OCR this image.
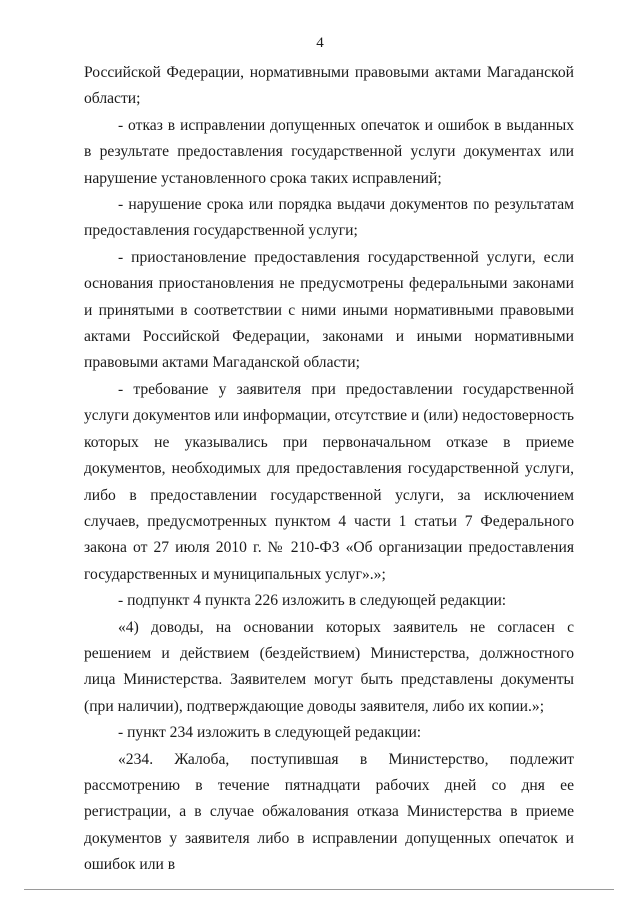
4

Российской Федерации, нормативными правовыми актами Магаданской области;

- отказ в исправлении допущенных опечаток и ошибок в выданных в результате предоставления государственной услуги документах или нарушение установленного срока таких исправлений;

- нарушение срока или порядка выдачи документов по результатам предоставления государственной услуги;

- приостановление предоставления государственной услуги, если основания приостановления не предусмотрены федеральными законами и принятыми в соответствии с ними иными нормативными правовыми актами Российской Федерации, законами и иными нормативными правовыми актами Магаданской области;

- требование у заявителя при предоставлении государственной услуги документов или информации, отсутствие и (или) недостоверность которых не указывались при первоначальном отказе в приеме документов, необходимых для предоставления государственной услуги, либо в предоставлении государственной услуги, за исключением случаев, предусмотренных пунктом 4 части 1 статьи 7 Федерального закона от 27 июля 2010 г. № 210-ФЗ «Об организации предоставления государственных и муниципальных услуг».»;

- подпункт 4 пункта 226 изложить в следующей редакции:

«4) доводы, на основании которых заявитель не согласен с решением и действием (бездействием) Министерства, должностного лица Министерства. Заявителем могут быть представлены документы (при наличии), подтверждающие доводы заявителя, либо их копии.»;

- пункт 234 изложить в следующей редакции:

«234. Жалоба, поступившая в Министерство, подлежит рассмотрению в течение пятнадцати рабочих дней со дня ее регистрации, а в случае обжалования отказа Министерства в приеме документов у заявителя либо в исправлении допущенных опечаток и ошибок или в
